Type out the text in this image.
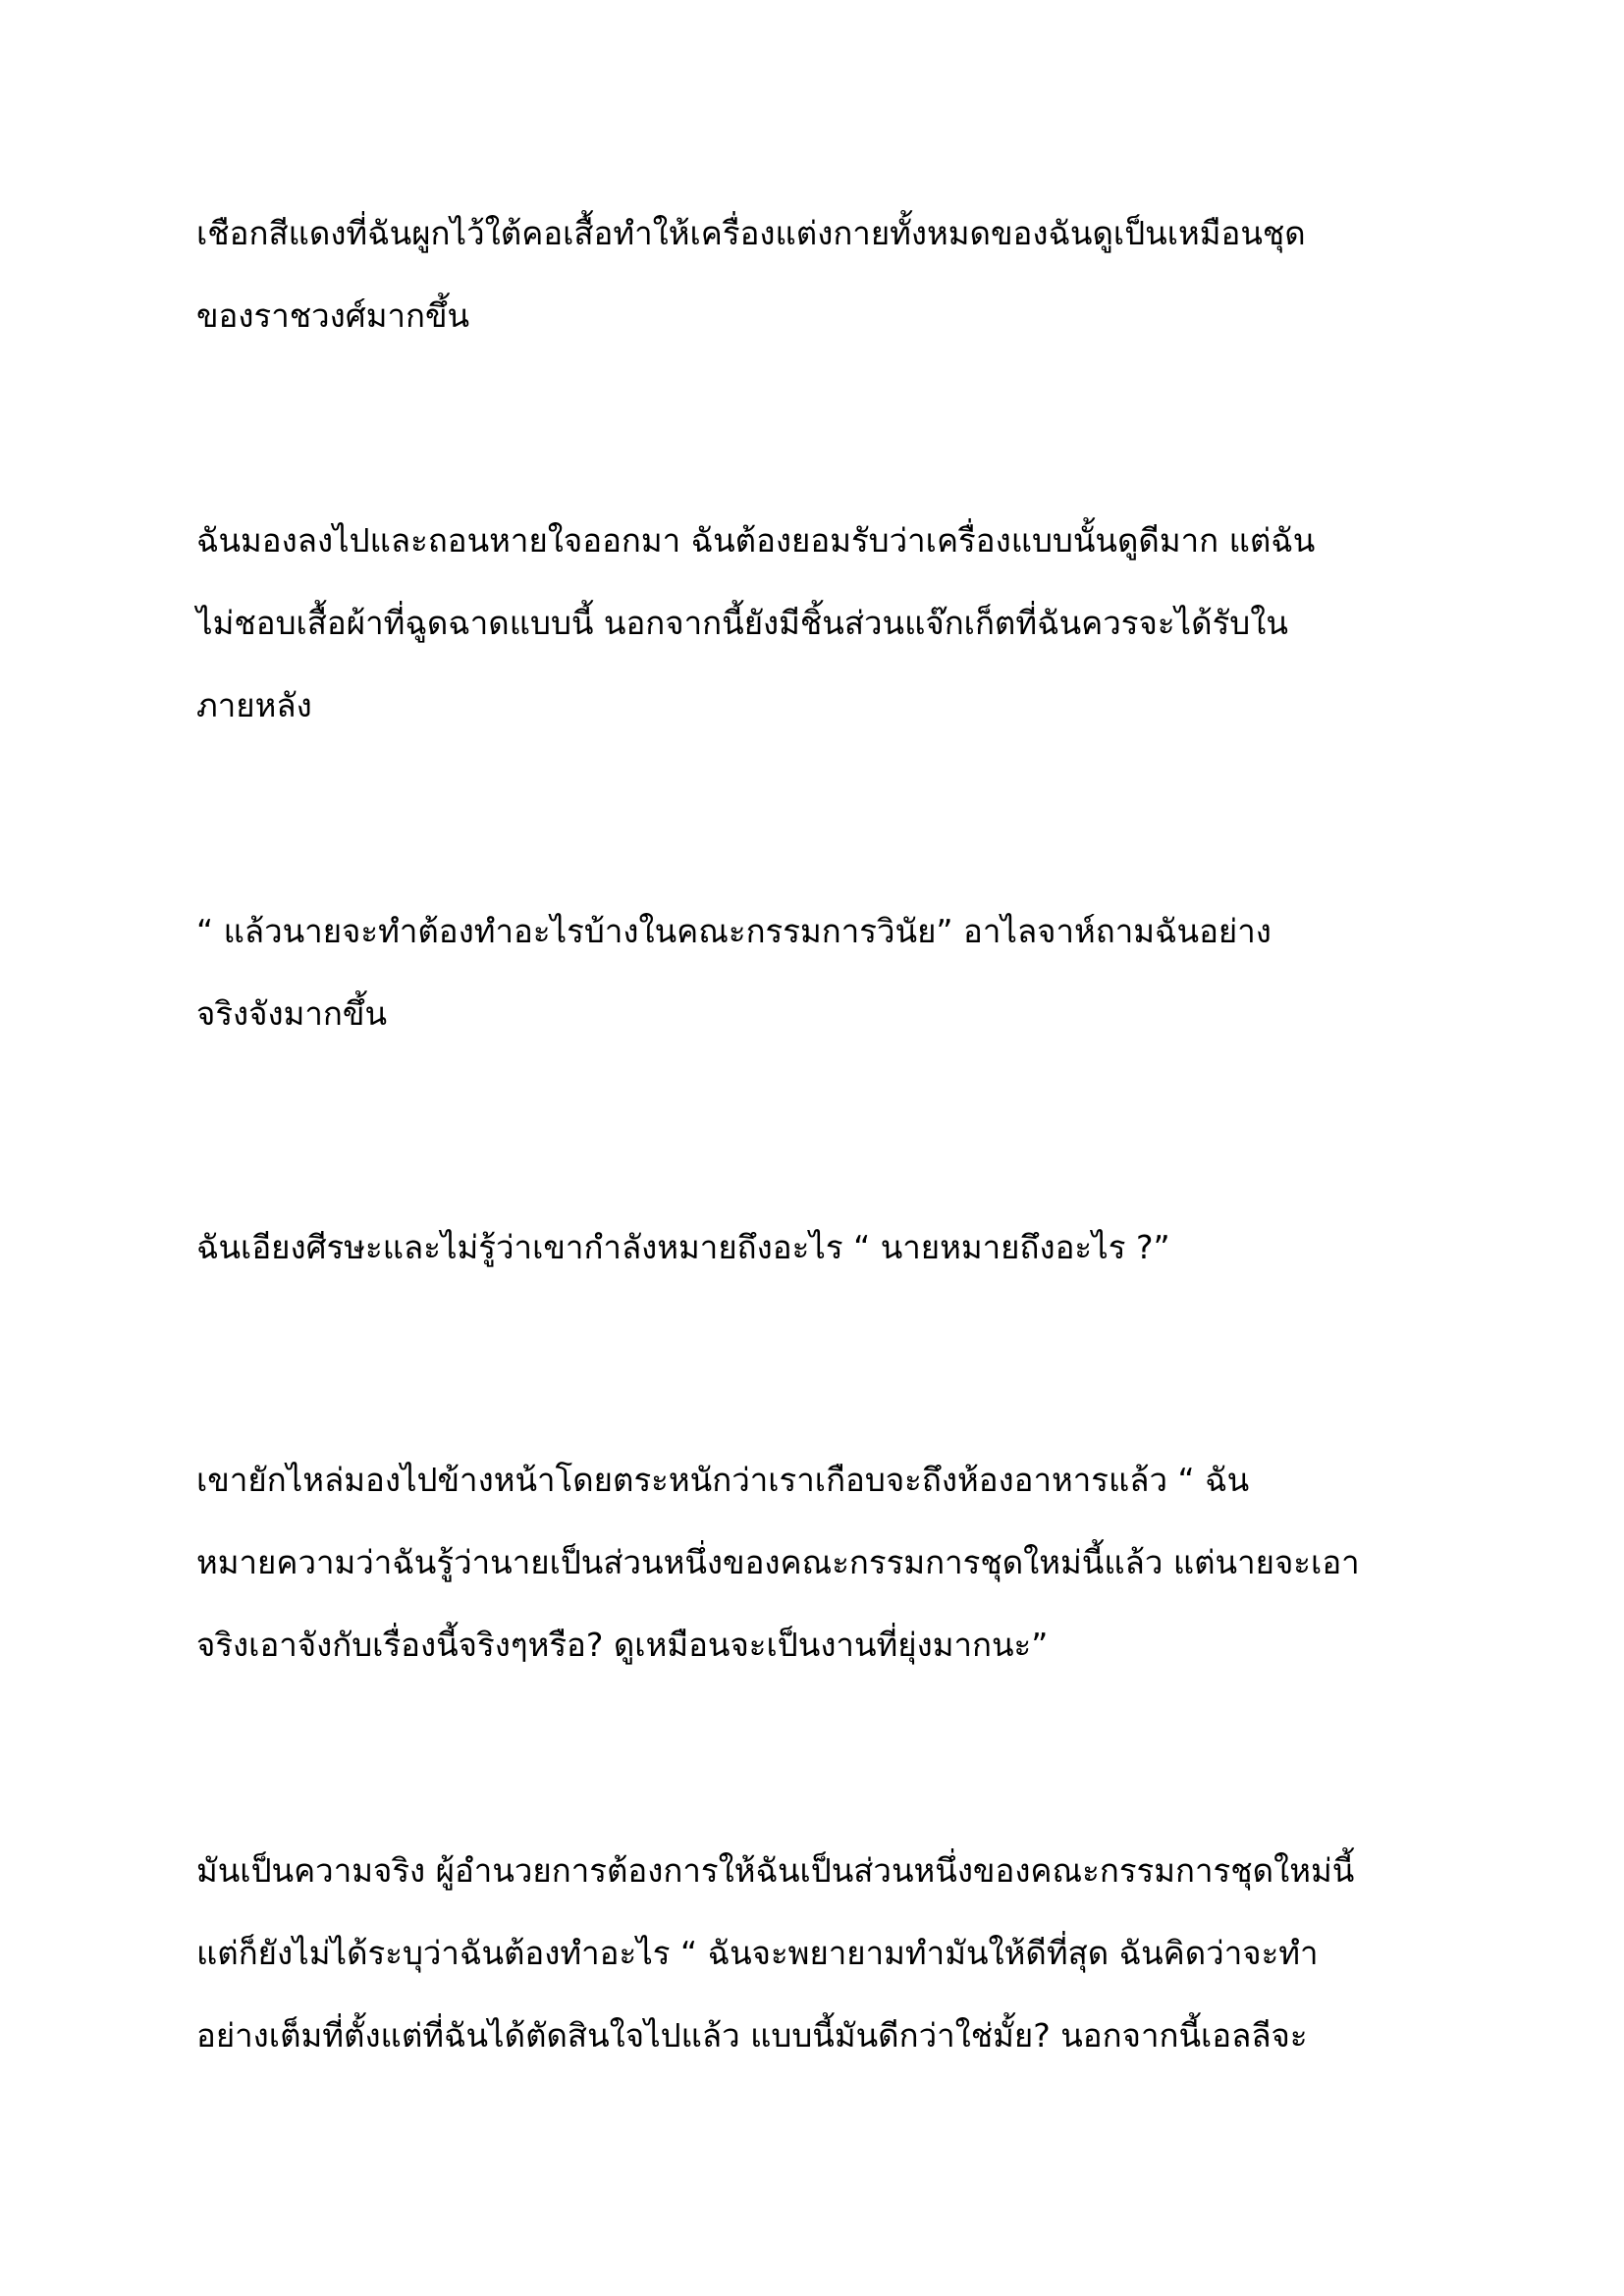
เชือกสีแดงที่ฉันผูกไว้ใต้คอเสื้อทำให้เครื่องแต่งกายทั้งหมดของฉันดูเป็นเหมือนชุด
ของราชวงศ์มากขึ้น
ฉันมองลงไปและถอนหายใจออกมา ฉันต้องยอมรับว่าเครื่องแบบนั้นดูดีมาก แต่ฉัน
ไม่ชอบเสื้อผ้าที่ฉูดฉาดแบบนี้ นอกจากนี้ยังมีชิ้นส่วนแจ๊กเก็ตที่ฉันควรจะได้รับใน
ภายหลัง
“ แล้วนายจะทำต้องทำอะไรบ้างในคณะกรรมการวินัย” อาไลจาห์ถามฉันอย่าง
จริงจังมากขึ้น
ฉันเอียงศีรษะและไม่รู้ว่าเขากำลังหมายถึงอะไร “ นายหมายถึงอะไร ?”
เขายักไหล่มองไปข้างหน้าโดยตระหนักว่าเราเกือบจะถึงห้องอาหารแล้ว “ ฉัน
หมายความว่าฉันรู้ว่านายเป็นส่วนหนึ่งของคณะกรรมการชุดใหม่นี้แล้ว แต่นายจะเอา
จริงเอาจังกับเรื่องนี้จริงๆหรือ? ดูเหมือนจะเป็นงานที่ยุ่งมากนะ”
มันเป็นความจริง ผู้อำนวยการต้องการให้ฉันเป็นส่วนหนึ่งของคณะกรรมการชุดใหม่นี้
แต่ก็ยังไม่ได้ระบุว่าฉันต้องทำอะไร “ ฉันจะพยายามทำมันให้ดีที่สุด ฉันคิดว่าจะทำ
อย่างเต็มที่ตั้งแต่ที่ฉันได้ตัดสินใจไปแล้ว แบบนี้มันดีกว่าใช่มั้ย? นอกจากนี้เอลลีจะ
